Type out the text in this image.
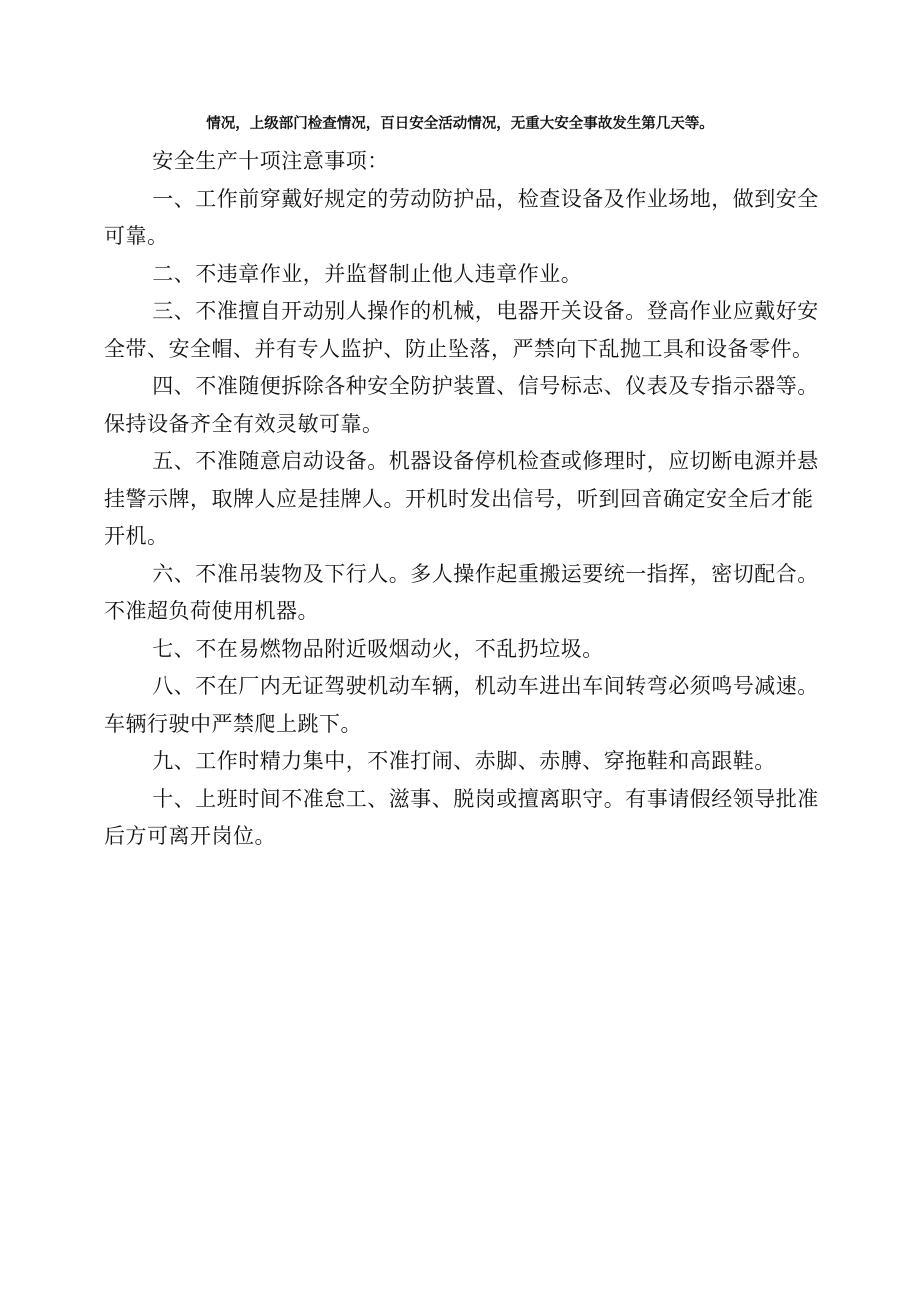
情况，上级部门检查情况，百日安全活动情况，无重大安全事故发生第几天等。

安全生产十项注意事项：

一、工作前穿戴好规定的劳动防护品，检查设备及作业场地，做到安全可靠。

二、不违章作业，并监督制止他人违章作业。

三、不准擅自开动别人操作的机械，电器开关设备。登高作业应戴好安全带、安全帽、并有专人监护、防止坠落，严禁向下乱抛工具和设备零件。

四、不准随便拆除各种安全防护装置、信号标志、仪表及专指示器等。保持设备齐全有效灵敏可靠。

五、不准随意启动设备。机器设备停机检查或修理时，应切断电源并悬挂警示牌，取牌人应是挂牌人。开机时发出信号，听到回音确定安全后才能开机。

六、不准吊装物及下行人。多人操作起重搬运要统一指挥，密切配合。不准超负荷使用机器。

七、不在易燃物品附近吸烟动火，不乱扔垃圾。

八、不在厂内无证驾驶机动车辆，机动车进出车间转弯必须鸣号减速。车辆行驶中严禁爬上跳下。

九、工作时精力集中，不准打闹、赤脚、赤膊、穿拖鞋和高跟鞋。

十、上班时间不准怠工、滋事、脱岗或擅离职守。有事请假经领导批准后方可离开岗位。
